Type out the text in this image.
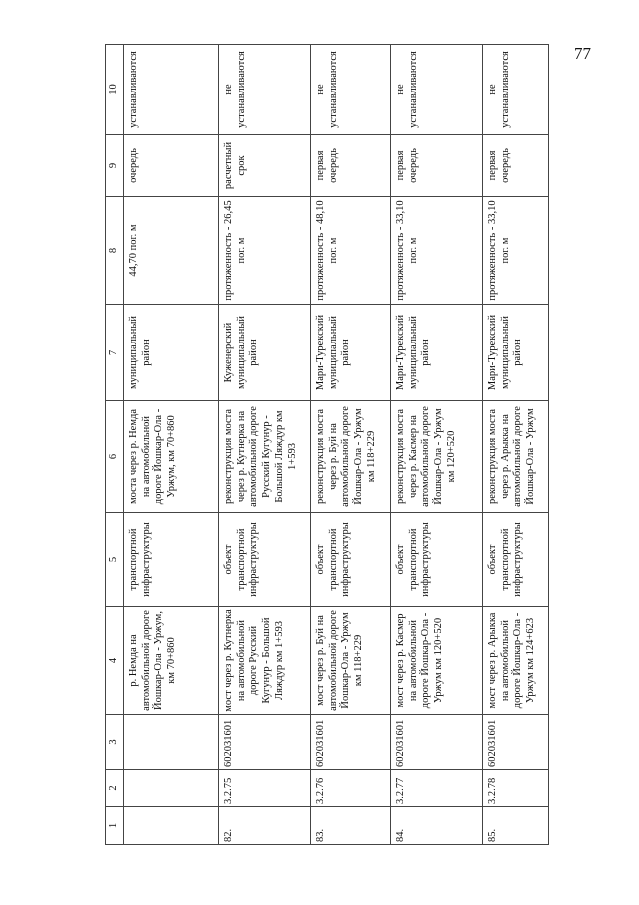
77
1	2	3	4	5	6	7	8	9	10
			р. Немда на автомобильной дороге Йошкар-Ола - Уржум, км 70+860	транспортной инфраструктуры	моста через р. Немда на автомобильной дороге Йошкар-Ола - Уржум, км 70+860	муниципальный район	44,70 пог. м	очередь	устанавливаются
82.	3.2.75	602031601	мост через р. Кутнерка на автомобильной дороге Русский Кугунур - Большой Ляждур км 1+593	объект транспортной инфраструктуры	реконструкция моста через р. Кутнерка на автомобильной дороге Русский Кугунур - Большой Ляждур км 1+593	Куженерский муниципальный район	протяженность - 26,45 пог. м	расчетный срок	не устанавливаются
83.	3.2.76	602031601	мост через р. Буй на автомобильной дороге Йошкар-Ола - Уржум км 118+229	объект транспортной инфраструктуры	реконструкция моста через р. Буй на автомобильной дороге Йошкар-Ола - Уржум км 118+229	Мари-Турекский муниципальный район	протяженность - 48,10 пог. м	первая очередь	не устанавливаются
84.	3.2.77	602031601	мост через р. Касмер на автомобильной дороге Йошкар-Ола - Уржум км 120+520	объект транспортной инфраструктуры	реконструкция моста через р. Касмер на автомобильной дороге Йошкар-Ола - Уржум км 120+520	Мари-Турекский муниципальный район	протяженность - 33,10 пог. м	первая очередь	не устанавливаются
85.	3.2.78	602031601	мост через р. Арыкка на автомобильной дороге Йошкар-Ола - Уржум км 124+623	объект транспортной инфраструктуры	реконструкция моста через р. Арыкка на автомобильной дороге Йошкар-Ола - Уржум	Мари-Турекский муниципальный район	протяженность - 33,10 пог. м	первая очередь	не устанавливаются
